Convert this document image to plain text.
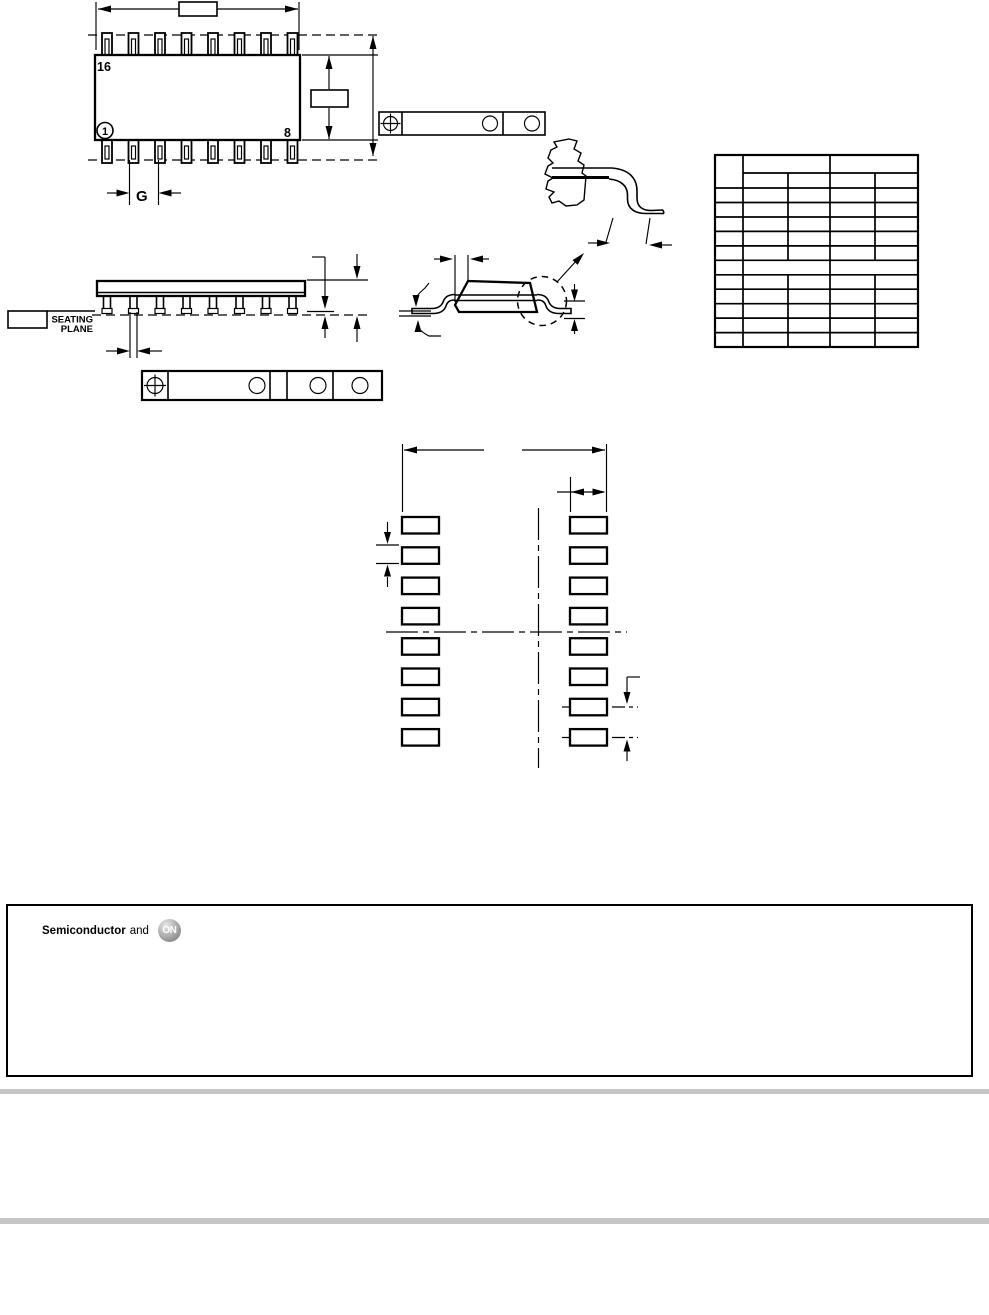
16
8
1
G
SEATING
PLANE
Semiconductor and	ON
